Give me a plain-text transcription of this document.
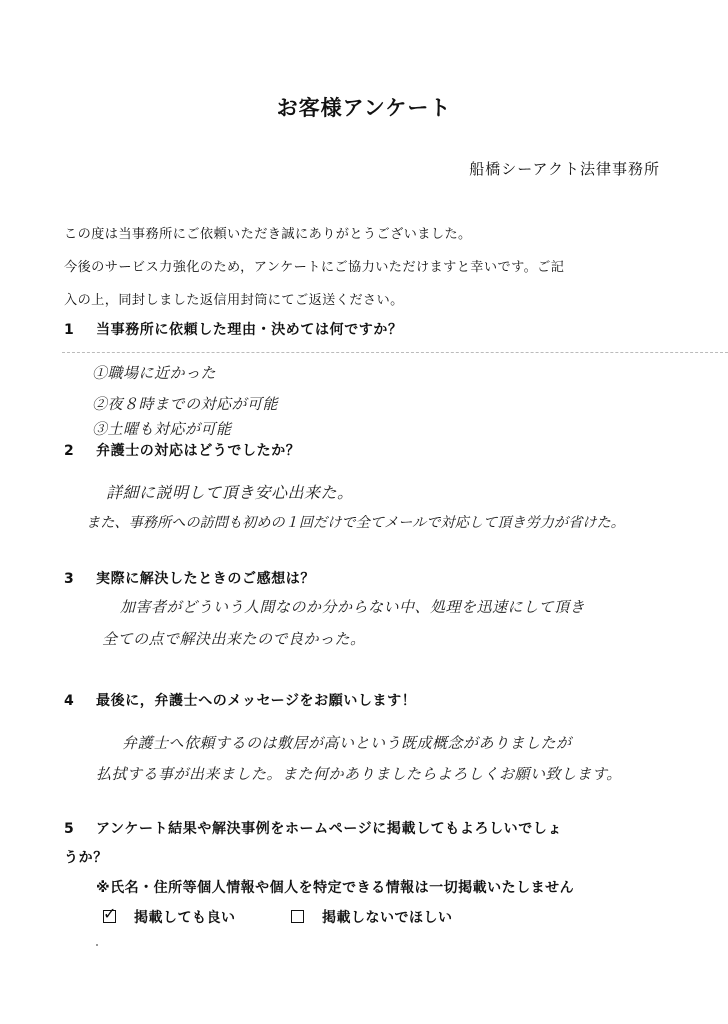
お客様アンケート
船橋シーアクト法律事務所
この度は当事務所にご依頼いただき誠にありがとうございました。
今後のサービス力強化のため，アンケートにご協力いただけますと幸いです。ご記
入の上，同封しました返信用封筒にてご返送ください。
1 当事務所に依頼した理由・決めては何ですか？
①職場に近かった
②夜８時までの対応が可能
③土曜も対応が可能
2 弁護士の対応はどうでしたか？
詳細に説明して頂き安心出来た。
また、事務所への訪問も初めの１回だけで全てメールで対応して頂き労力が省けた。
3 実際に解決したときのご感想は？
加害者がどういう人間なのか分からない中、処理を迅速にして頂き
全ての点で解決出来たので良かった。
4 最後に，弁護士へのメッセージをお願いします！
弁護士へ依頼するのは敷居が高いという既成概念がありましたが
払拭する事が出来ました。また何かありましたらよろしくお願い致します。
5 アンケート結果や解決事例をホームページに掲載してもよろしいでしょ
うか？
※氏名・住所等個人情報や個人を特定できる情報は一切掲載いたしません
✓ 掲載しても良い	掲載しないでほしい
